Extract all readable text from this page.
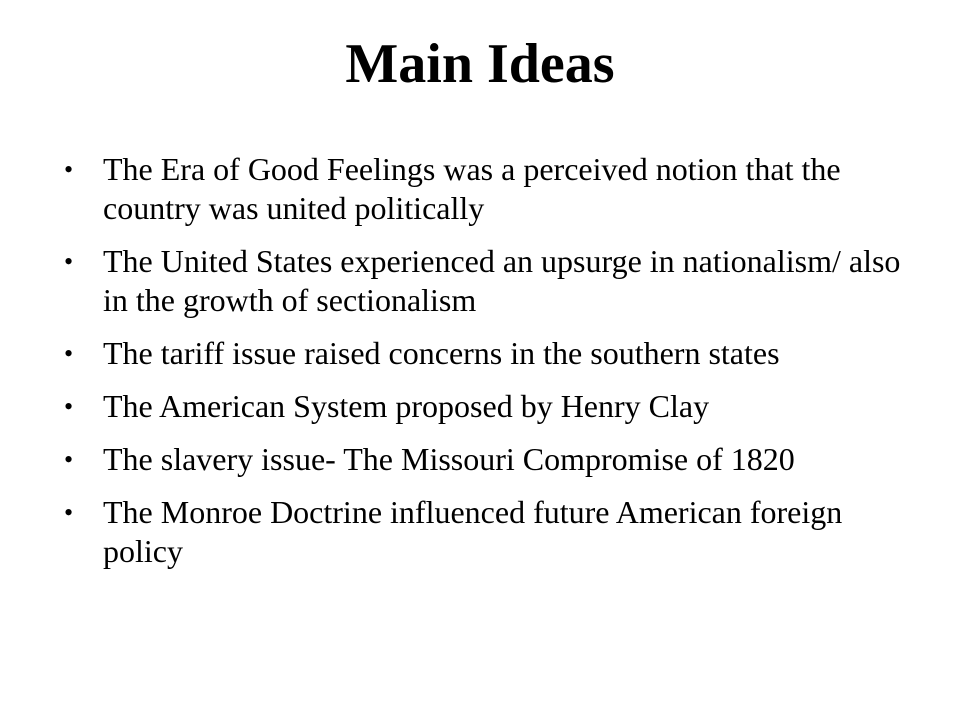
Main Ideas
• The Era of Good Feelings was a perceived notion that the country was united politically
• The United States experienced an upsurge in nationalism/ also in the growth of sectionalism
• The tariff issue raised concerns in the southern states
• The American System proposed by Henry Clay
• The slavery issue- The Missouri Compromise of 1820
• The Monroe Doctrine influenced future American foreign policy
